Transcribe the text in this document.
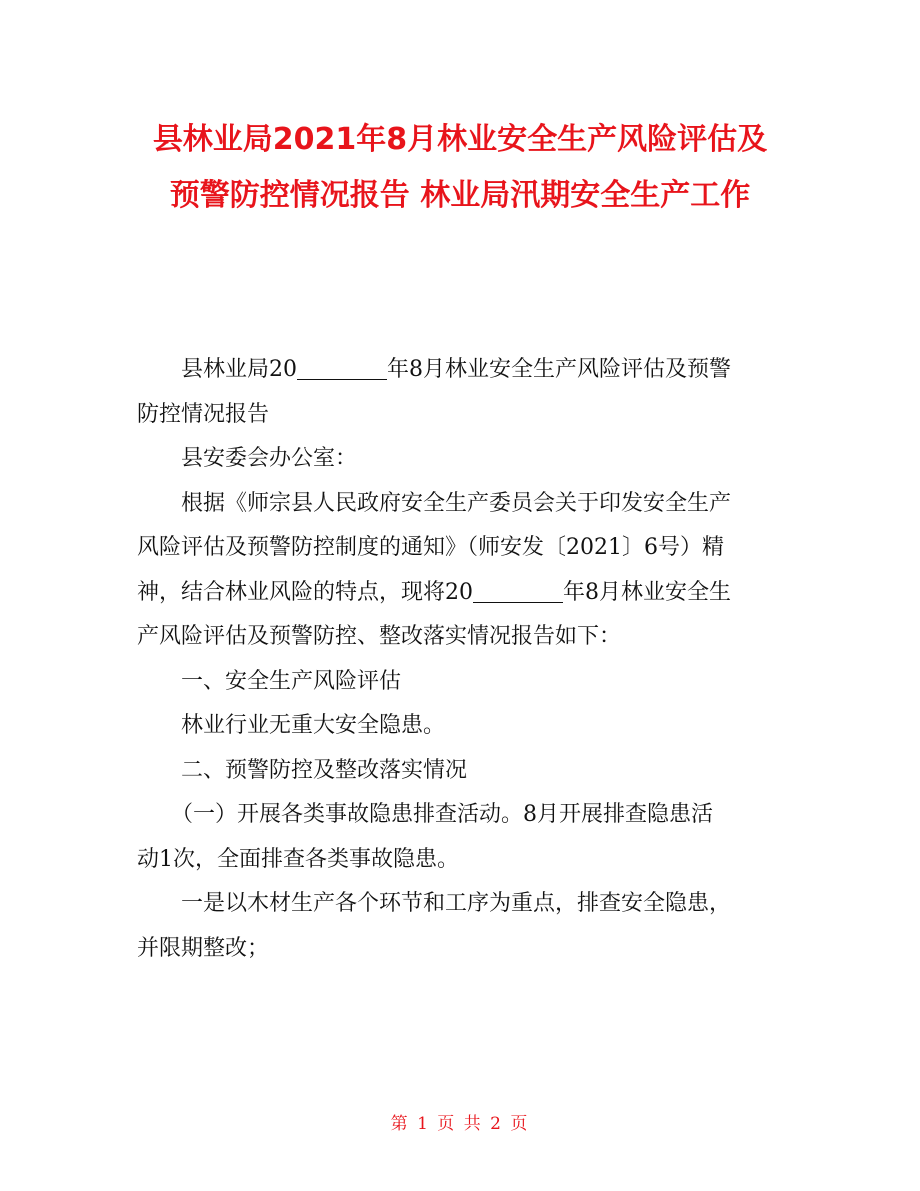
县林业局2021年8月林业安全生产风险评估及
预警防控情况报告 林业局汛期安全生产工作
县林业局20	年8月林业安全生产风险评估及预警
防控情况报告
县安委会办公室：
根据《师宗县人民政府安全生产委员会关于印发安全生产
风险评估及预警防控制度的通知》（师安发〔2021〕6号）精
神，结合林业风险的特点，现将20	年8月林业安全生
产风险评估及预警防控、整改落实情况报告如下：
一、安全生产风险评估
林业行业无重大安全隐患。
二、预警防控及整改落实情况
（一）开展各类事故隐患排查活动。8月开展排查隐患活
动1次，全面排查各类事故隐患。
一是以木材生产各个环节和工序为重点，排查安全隐患，
并限期整改；
第 1 页 共 2 页
